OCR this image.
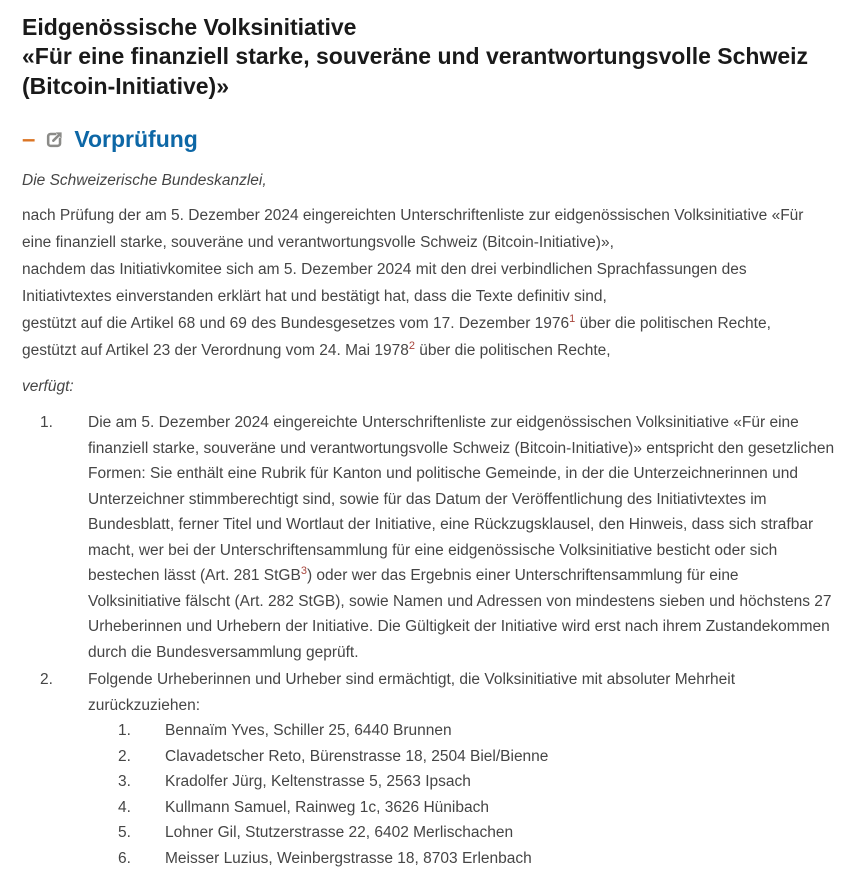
Eidgenössische Volksinitiative
«Für eine finanziell starke, souveräne und verantwortungsvolle Schweiz (Bitcoin-Initiative)»
– Vorprüfung

Die Schweizerische Bundeskanzlei,

nach Prüfung der am 5. Dezember 2024 eingereichten Unterschriftenliste zur eidgenössischen Volksinitiative «Für eine finanziell starke, souveräne und verantwortungsvolle Schweiz (Bitcoin-Initiative)»,
nachdem das Initiativkomitee sich am 5. Dezember 2024 mit den drei verbindlichen Sprachfassungen des Initiativtextes einverstanden erklärt hat und bestätigt hat, dass die Texte definitiv sind,
gestützt auf die Artikel 68 und 69 des Bundesgesetzes vom 17. Dezember 1976$^1$ über die politischen Rechte,
gestützt auf Artikel 23 der Verordnung vom 24. Mai 1978$^2$ über die politischen Rechte,

verfügt:

1.	Die am 5. Dezember 2024 eingereichte Unterschriftenliste zur eidgenössischen Volksinitiative «Für eine finanziell starke, souveräne und verantwortungsvolle Schweiz (Bitcoin-Initiative)» entspricht den gesetzlichen Formen: Sie enthält eine Rubrik für Kanton und politische Gemeinde, in der die Unterzeichnerinnen und Unterzeichner stimmberechtigt sind, sowie für das Datum der Veröffentlichung des Initiativtextes im Bundesblatt, ferner Titel und Wortlaut der Initiative, eine Rückzugsklausel, den Hinweis, dass sich strafbar macht, wer bei der Unterschriftensammlung für eine eidgenössische Volksinitiative besticht oder sich bestechen lässt (Art. 281 StGB$^3$) oder wer das Ergebnis einer Unterschriftensammlung für eine Volksinitiative fälscht (Art. 282 StGB), sowie Namen und Adressen von mindestens sieben und höchstens 27 Urheberinnen und Urhebern der Initiative. Die Gültigkeit der Initiative wird erst nach ihrem Zustandekommen durch die Bundesversammlung geprüft.
2.	Folgende Urheberinnen und Urheber sind ermächtigt, die Volksinitiative mit absoluter Mehrheit zurückzuziehen:
1.	Bennaïm Yves, Schiller 25, 6440 Brunnen
2.	Clavadetscher Reto, Bürenstrasse 18, 2504 Biel/Bienne
3.	Kradolfer Jürg, Keltenstrasse 5, 2563 Ipsach
4.	Kullmann Samuel, Rainweg 1c, 3626 Hünibach
5.	Lohner Gil, Stutzerstrasse 22, 6402 Merlischachen
6.	Meisser Luzius, Weinbergstrasse 18, 8703 Erlenbach
